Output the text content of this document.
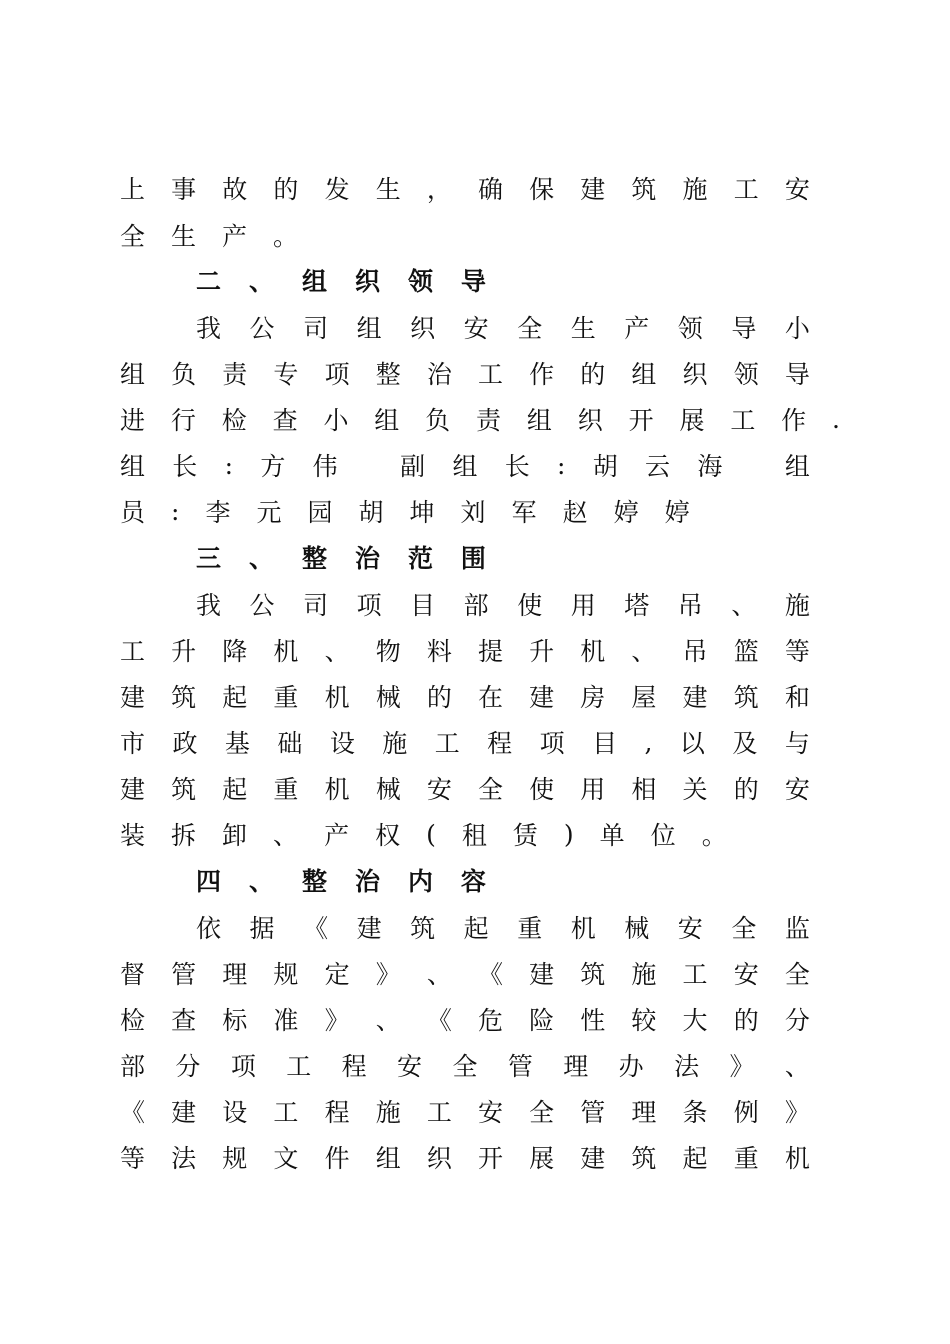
上 事 故 的 发 生 ， 确 保 建 筑 施 工 安
全 生 产 。
二 、 组 织 领 导
我 公 司 组 织 安 全 生 产 领 导 小
组 负 责 专 项 整 治 工 作 的 组 织 领 导
进 行 检 查 小 组 负 责 组 织 开 展 工 作 .
组 长 : 方 伟
	副 组 长 : 胡 云 海
	组
员 : 李 元 园 胡 坤 刘 军 赵 婷 婷
三 、 整 治 范 围
我 公 司 项 目 部 使 用 塔 吊 、 施
工 升 降 机 、 物 料 提 升 机 、 吊 篮 等
建 筑 起 重 机 械 的 在 建 房 屋 建 筑 和
市 政 基 础 设 施 工 程 项 目 , 以 及 与
建 筑 起 重 机 械 安 全 使 用 相 关 的 安
装 拆 卸 、 产 权 ( 租 赁 ) 单 位 。
四 、 整 治 内 容
依 据 《 建 筑 起 重 机 械 安 全 监
督 管 理 规 定 》 、 《 建 筑 施 工 安 全
检 查 标 准 》 、 《 危 险 性 较 大 的 分
部 分 项 工 程 安 全 管 理 办 法 》 、
《 建 设 工 程 施 工 安 全 管 理 条 例 》
等 法 规 文 件 组 织 开 展 建 筑 起 重 机
